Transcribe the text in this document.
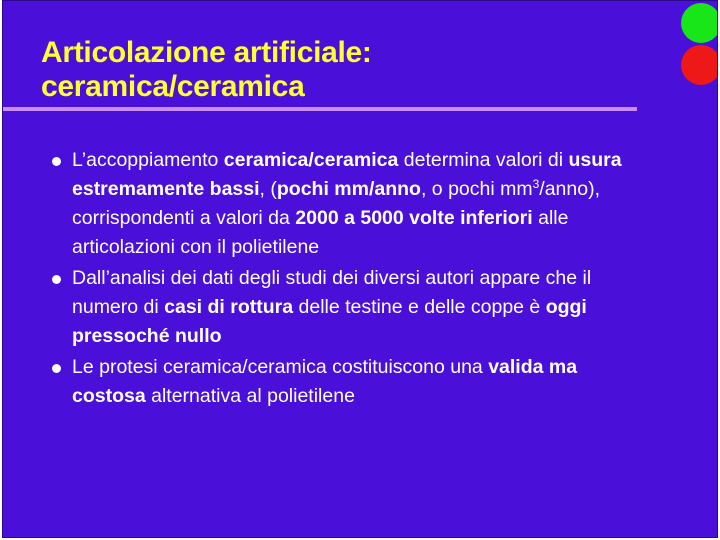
Articolazione artificiale:
ceramica/ceramica
L’accoppiamento ceramica/ceramica determina valori di usura estremamente bassi, (pochi mm/anno, o pochi $mm^3/anno$), corrispondenti a valori da 2000 a 5000 volte inferiori alle articolazioni con il polietilene
Dall’analisi dei dati degli studi dei diversi autori appare che il numero di casi di rottura delle testine e delle coppe è oggi pressoché nullo
Le protesi ceramica/ceramica costituiscono una valida ma costosa alternativa al polietilene
